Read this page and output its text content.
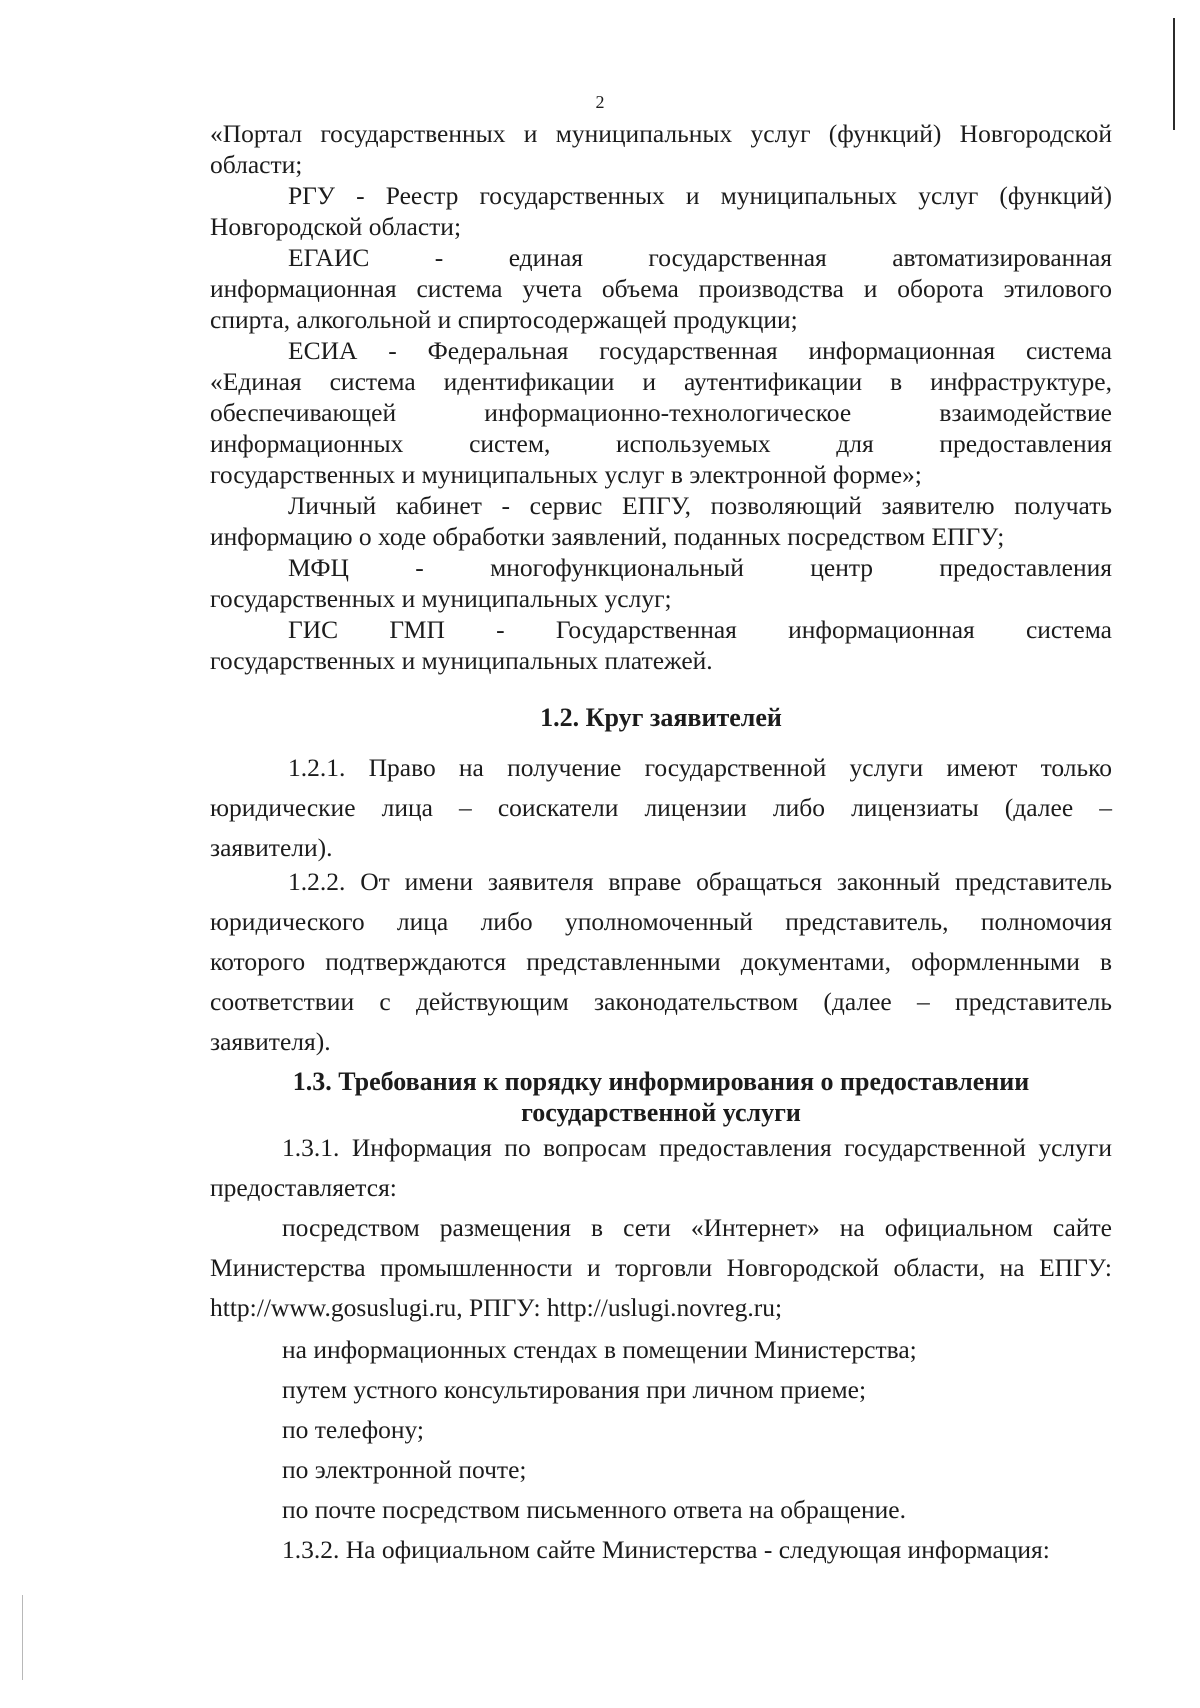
2

«Портал государственных и муниципальных услуг (функций) Новгородской
области;

РГУ - Реестр государственных и муниципальных услуг (функций)
Новгородской области;

ЕГАИС - единая государственная автоматизированная
информационная система учета объема производства и оборота этилового
спирта, алкогольной и спиртосодержащей продукции;

ЕСИА - Федеральная государственная информационная система
«Единая система идентификации и аутентификации в инфраструктуре,
обеспечивающей информационно-технологическое взаимодействие
информационных систем, используемых для предоставления
государственных и муниципальных услуг в электронной форме»;

Личный кабинет - сервис ЕПГУ, позволяющий заявителю получать
информацию о ходе обработки заявлений, поданных посредством ЕПГУ;

МФЦ - многофункциональный центр предоставления
государственных и муниципальных услуг;

ГИС ГМП - Государственная информационная система
государственных и муниципальных платежей.

1.2. Круг заявителей

1.2.1. Право на получение государственной услуги имеют только
юридические лица – соискатели лицензии либо лицензиаты (далее –
заявители).

1.2.2. От имени заявителя вправе обращаться законный представитель
юридического лица либо уполномоченный представитель, полномочия
которого подтверждаются представленными документами, оформленными в
соответствии с действующим законодательством (далее – представитель
заявителя).

1.3. Требования к порядку информирования о предоставлении
государственной услуги

1.3.1. Информация по вопросам предоставления государственной услуги
предоставляется:

посредством размещения в сети «Интернет» на официальном сайте
Министерства промышленности и торговли Новгородской области, на ЕПГУ:
http://www.gosuslugi.ru, РПГУ: http://uslugi.novreg.ru;

на информационных стендах в помещении Министерства;
путем устного консультирования при личном приеме;
по телефону;
по электронной почте;
по почте посредством письменного ответа на обращение.
1.3.2. На официальном сайте Министерства - следующая информация:
